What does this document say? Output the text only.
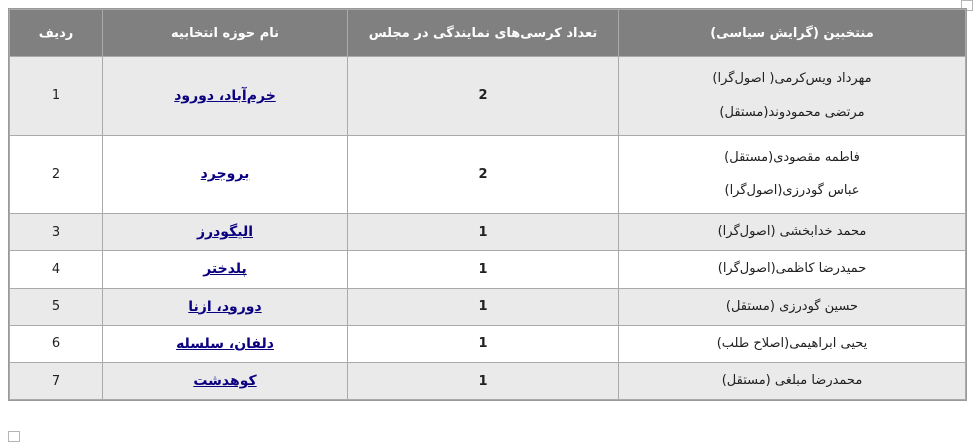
منتخبین (گرایش سیاسی)	تعداد کرسی‌های نمایندگی در مجلس	نام حوزه انتخابیه	ردیف

مهرداد ویس‌کرمی( اصول‌گرا)
مرتضی محمودوند(مستقل)	2	خرم‌آباد، دورود	1

فاطمه مقصودی(مستقل)
عباس گودرزی(اصول‌گرا)	2	بروجرد	2

محمد خدابخشی (اصول‌گرا)	1	الیگودرز	3

حمیدرضا کاظمی(اصول‌گرا)	1	پلدختر	4

حسین گودرزی (مستقل)	1	دورود، ازنا	5

یحیی ابراهیمی(اصلاح طلب)	1	دلفان، سلسله	6

محمدرضا مبلغی (مستقل)	1	کوهدشت	7
